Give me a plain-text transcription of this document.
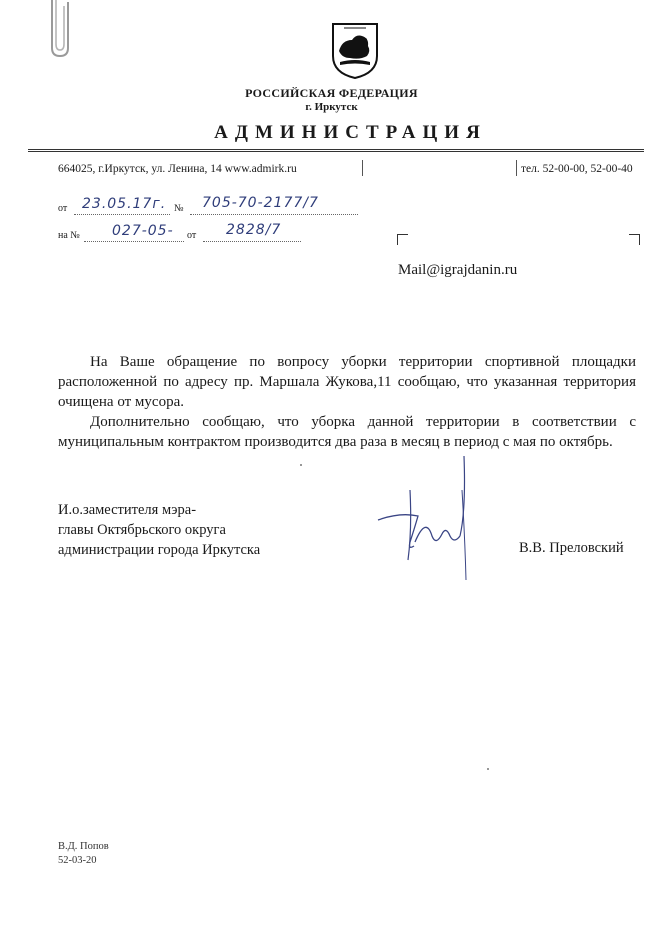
РОССИЙСКАЯ ФЕДЕРАЦИЯ
г. Иркутск
АДМИНИСТРАЦИЯ
664025, г.Иркутск, ул. Ленина, 14 www.admirk.ru	тел. 52-00-00, 52-00-40
от 23.05.17г. № 705-70-2177/7
на № 027-05- от 2828/7
Mail@igrajdanin.ru

На Ваше обращение по вопросу уборки территории спортивной площадки расположенной по адресу пр. Маршала Жукова,11 сообщаю, что указанная территория очищена от мусора.

Дополнительно сообщаю, что уборка данной территории в соответствии с муниципальным контрактом производится два раза в месяц в период с мая по октябрь.

И.о.заместителя мэра-
главы Октябрьского округа
администрации города Иркутска	В.В. Преловский
В.Д. Попов
52-03-20
